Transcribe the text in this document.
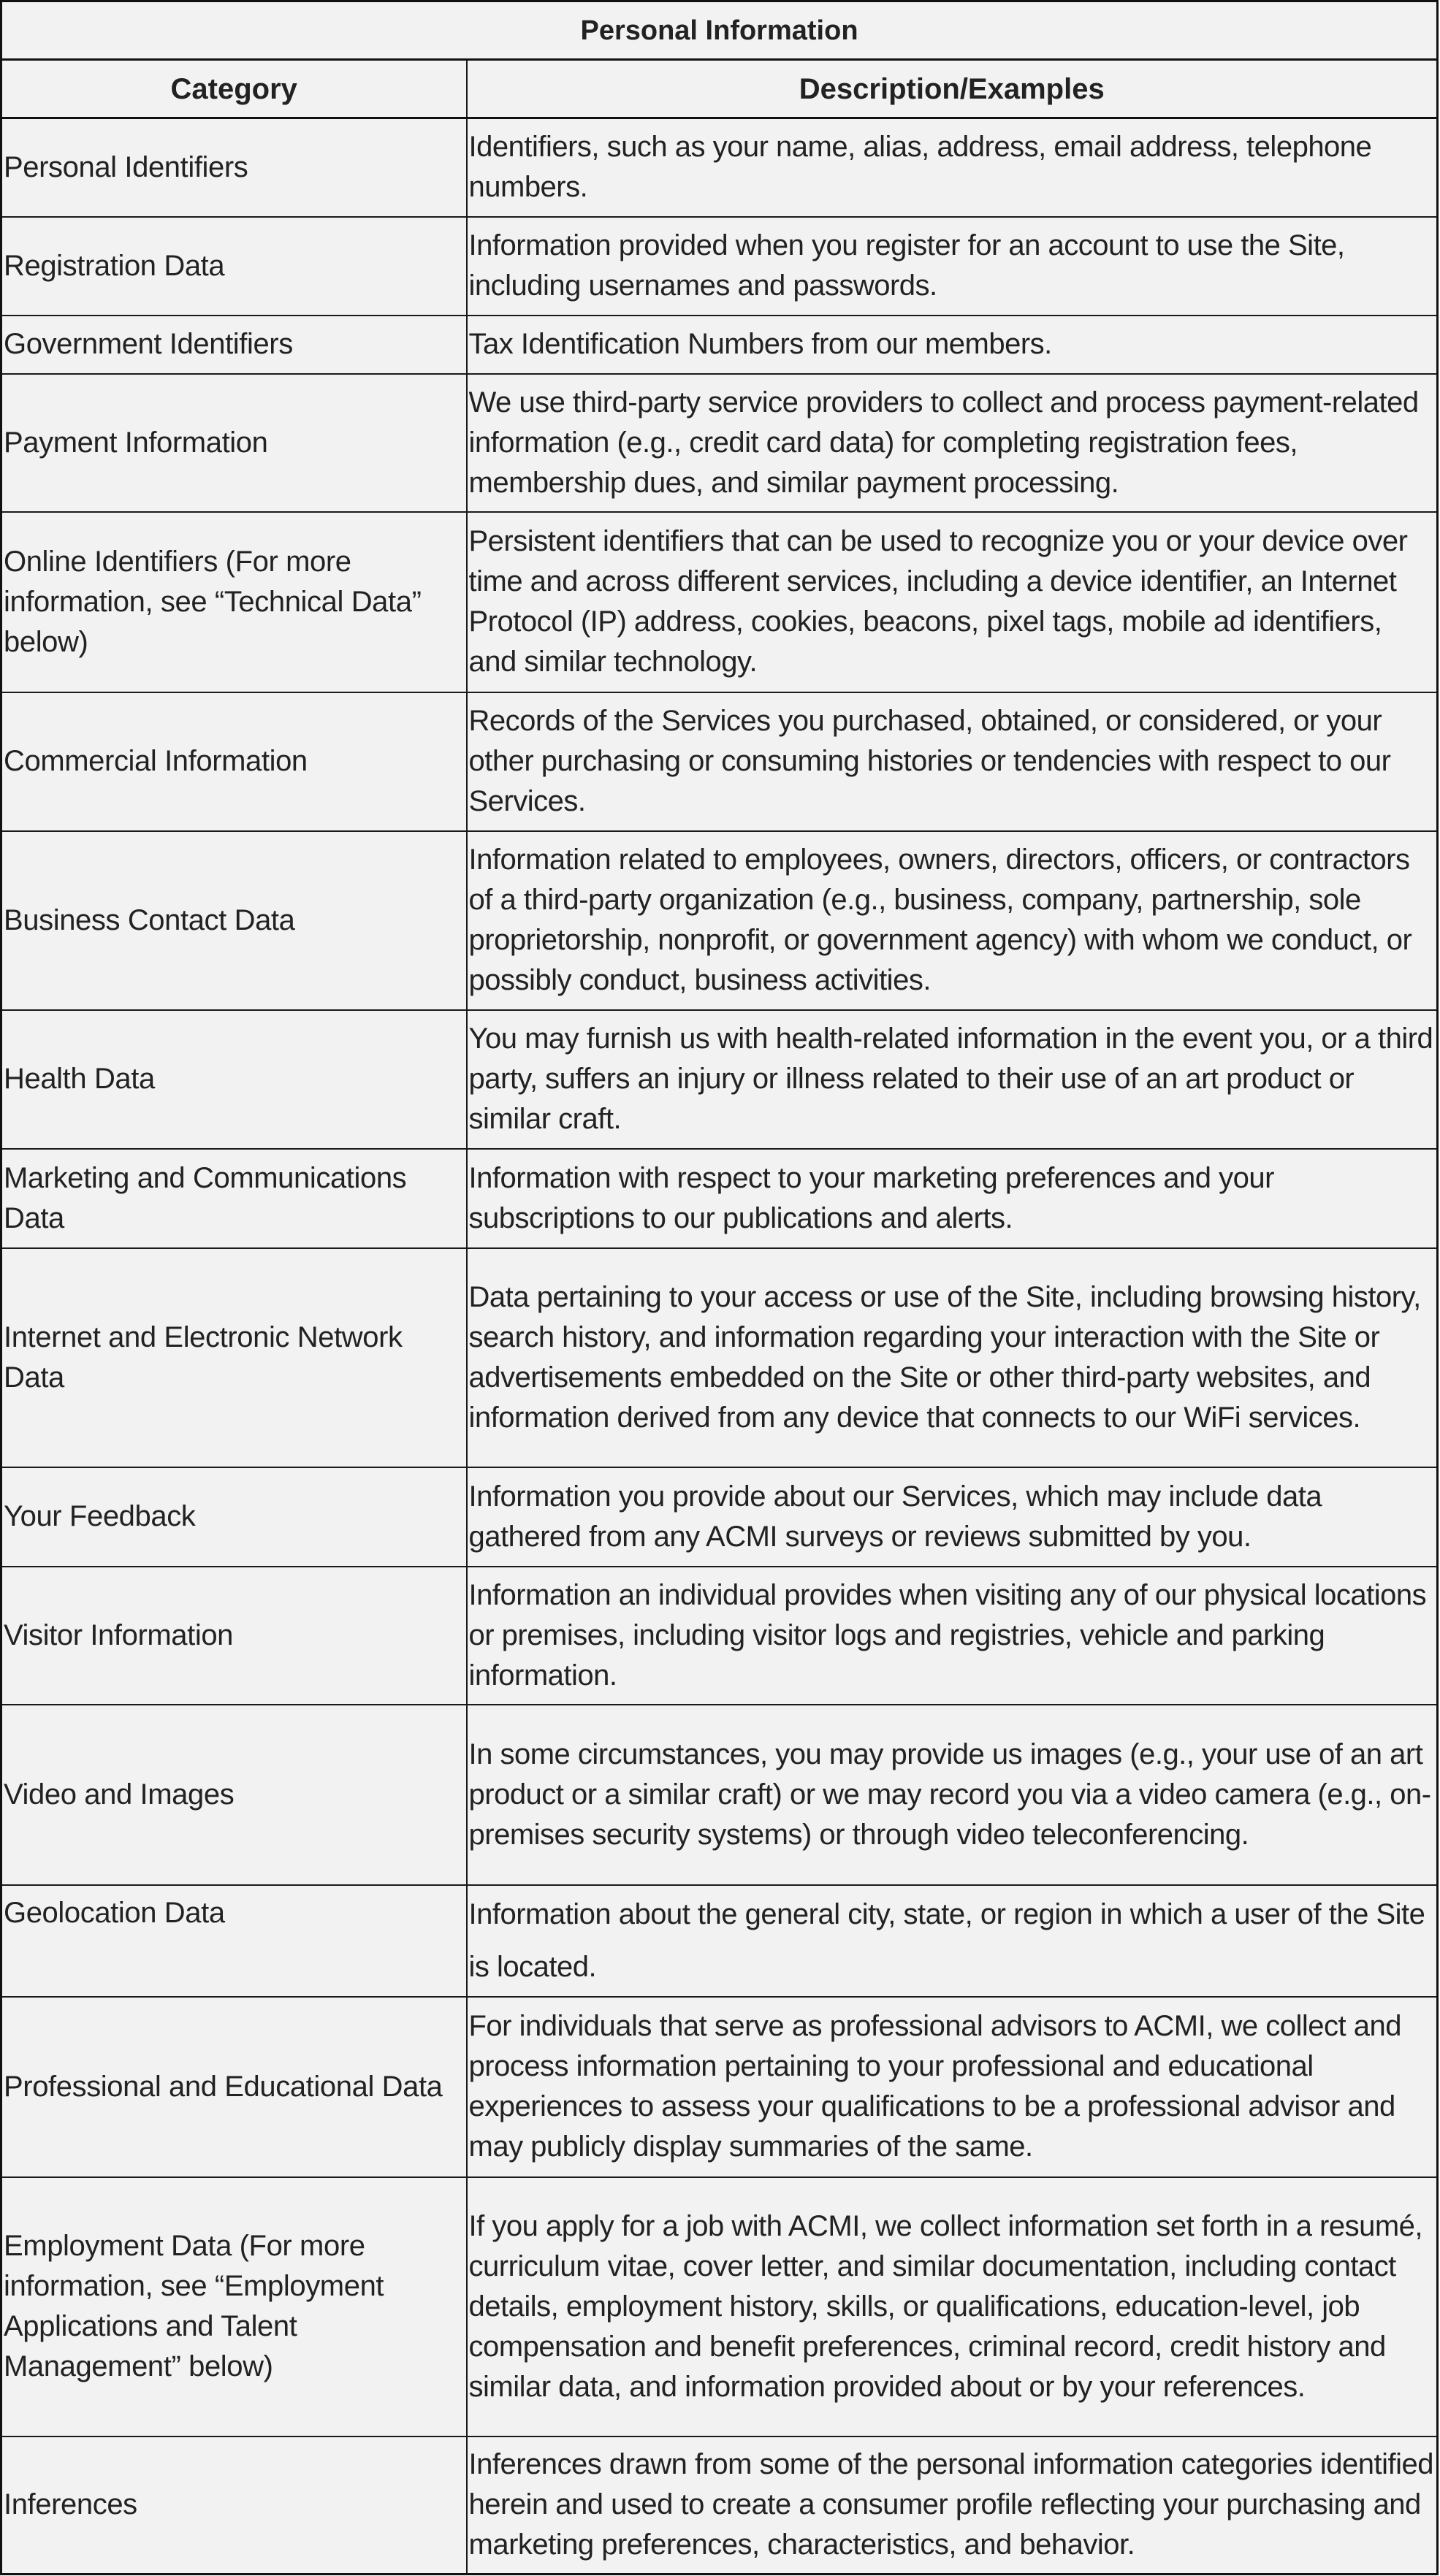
Personal Information	
Category	Description/Examples
Personal Identifiers	Identifiers, such as your name, alias, address, email address, telephone numbers.
Registration Data	Information provided when you register for an account to use the Site, including usernames and passwords.
Government Identifiers	Tax Identification Numbers from our members.
Payment Information	We use third-party service providers to collect and process payment-related information (e.g., credit card data) for completing registration fees, membership dues, and similar payment processing.
Online Identifiers (For more information, see “Technical Data” below)	Persistent identifiers that can be used to recognize you or your device over time and across different services, including a device identifier, an Internet Protocol (IP) address, cookies, beacons, pixel tags, mobile ad identifiers, and similar technology.
Commercial Information	Records of the Services you purchased, obtained, or considered, or your other purchasing or consuming histories or tendencies with respect to our Services.
Business Contact Data	Information related to employees, owners, directors, officers, or contractors of a third-party organization (e.g., business, company, partnership, sole proprietorship, nonprofit, or government agency) with whom we conduct, or possibly conduct, business activities.
Health Data	You may furnish us with health-related information in the event you, or a third party, suffers an injury or illness related to their use of an art product or similar craft.
Marketing and Communications Data	Information with respect to your marketing preferences and your subscriptions to our publications and alerts.
Internet and Electronic Network Data	Data pertaining to your access or use of the Site, including browsing history, search history, and information regarding your interaction with the Site or advertisements embedded on the Site or other third-party websites, and information derived from any device that connects to our WiFi services.
Your Feedback	Information you provide about our Services, which may include data gathered from any ACMI surveys or reviews submitted by you.
Visitor Information	Information an individual provides when visiting any of our physical locations or premises, including visitor logs and registries, vehicle and parking information.
Video and Images	In some circumstances, you may provide us images (e.g., your use of an art product or a similar craft) or we may record you via a video camera (e.g., on-premises security systems) or through video teleconferencing.
Geolocation Data	Information about the general city, state, or region in which a user of the Site is located.
Professional and Educational Data	For individuals that serve as professional advisors to ACMI, we collect and process information pertaining to your professional and educational experiences to assess your qualifications to be a professional advisor and may publicly display summaries of the same.
Employment Data (For more information, see “Employment Applications and Talent Management” below)	If you apply for a job with ACMI, we collect information set forth in a resumé, curriculum vitae, cover letter, and similar documentation, including contact details, employment history, skills, or qualifications, education-level, job compensation and benefit preferences, criminal record, credit history and similar data, and information provided about or by your references.
Inferences	Inferences drawn from some of the personal information categories identified herein and used to create a consumer profile reflecting your purchasing and marketing preferences, characteristics, and behavior.
